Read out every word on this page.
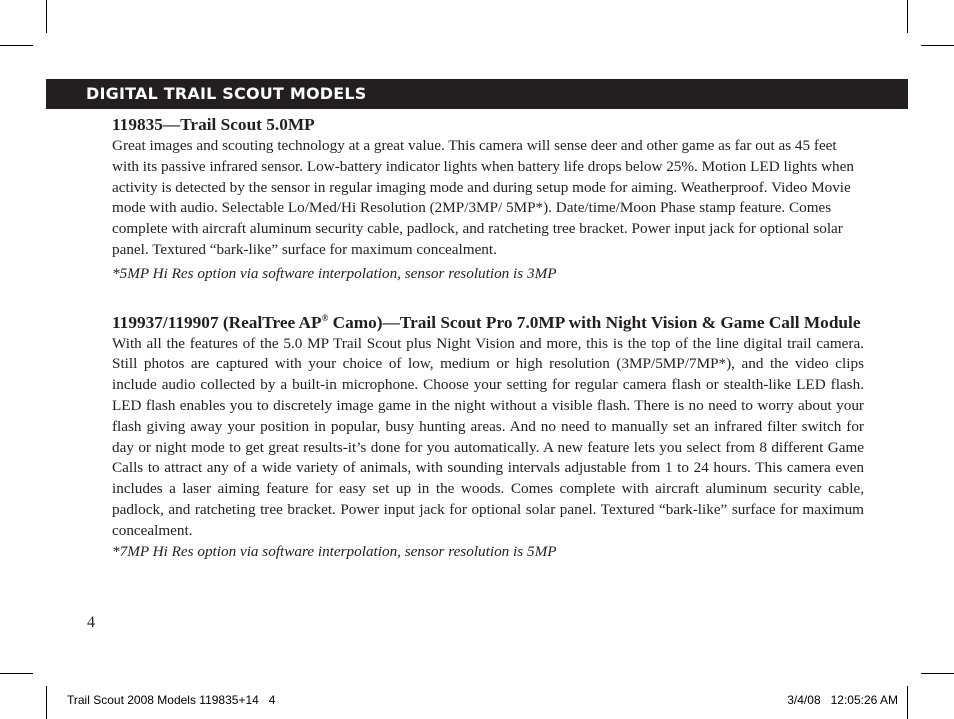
DIGITAL TRAIL SCOUT MODELS
119835—Trail Scout 5.0MP

Great images and scouting technology at a great value. This camera will sense deer and other game as far out as 45 feet with its passive infrared sensor. Low-battery indicator lights when battery life drops below 25%. Motion LED lights when activity is detected by the sensor in regular imaging mode and during setup mode for aiming. Weatherproof. Video Movie mode with audio. Selectable Lo/Med/Hi Resolution (2MP/3MP/ 5MP*). Date/time/Moon Phase stamp feature. Comes complete with aircraft aluminum security cable, padlock, and ratcheting tree bracket. Power input jack for optional solar panel. Textured “bark-like” surface for maximum concealment.

*5MP Hi Res option via software interpolation, sensor resolution is 3MP

119937/119907 (RealTree AP® Camo)—Trail Scout Pro 7.0MP with Night Vision & Game Call Module

With all the features of the 5.0 MP Trail Scout plus Night Vision and more, this is the top of the line digital trail camera. Still photos are captured with your choice of low, medium or high resolution (3MP/5MP/7MP*), and the video clips include audio collected by a built-in microphone. Choose your setting for regular camera flash or stealth-like LED flash. LED flash enables you to discretely image game in the night without a visible flash. There is no need to worry about your flash giving away your position in popular, busy hunting areas. And no need to manually set an infrared filter switch for day or night mode to get great results-it’s done for you automatically. A new feature lets you select from 8 different Game Calls to attract any of a wide variety of animals, with sounding intervals adjustable from 1 to 24 hours. This camera even includes a laser aiming feature for easy set up in the woods. Comes complete with aircraft aluminum security cable, padlock, and ratcheting tree bracket. Power input jack for optional solar panel. Textured “bark-like” surface for maximum concealment.

*7MP Hi Res option via software interpolation, sensor resolution is 5MP

4
Trail Scout 2008 Models 119835+14   4	3/4/08   12:05:26 AM
